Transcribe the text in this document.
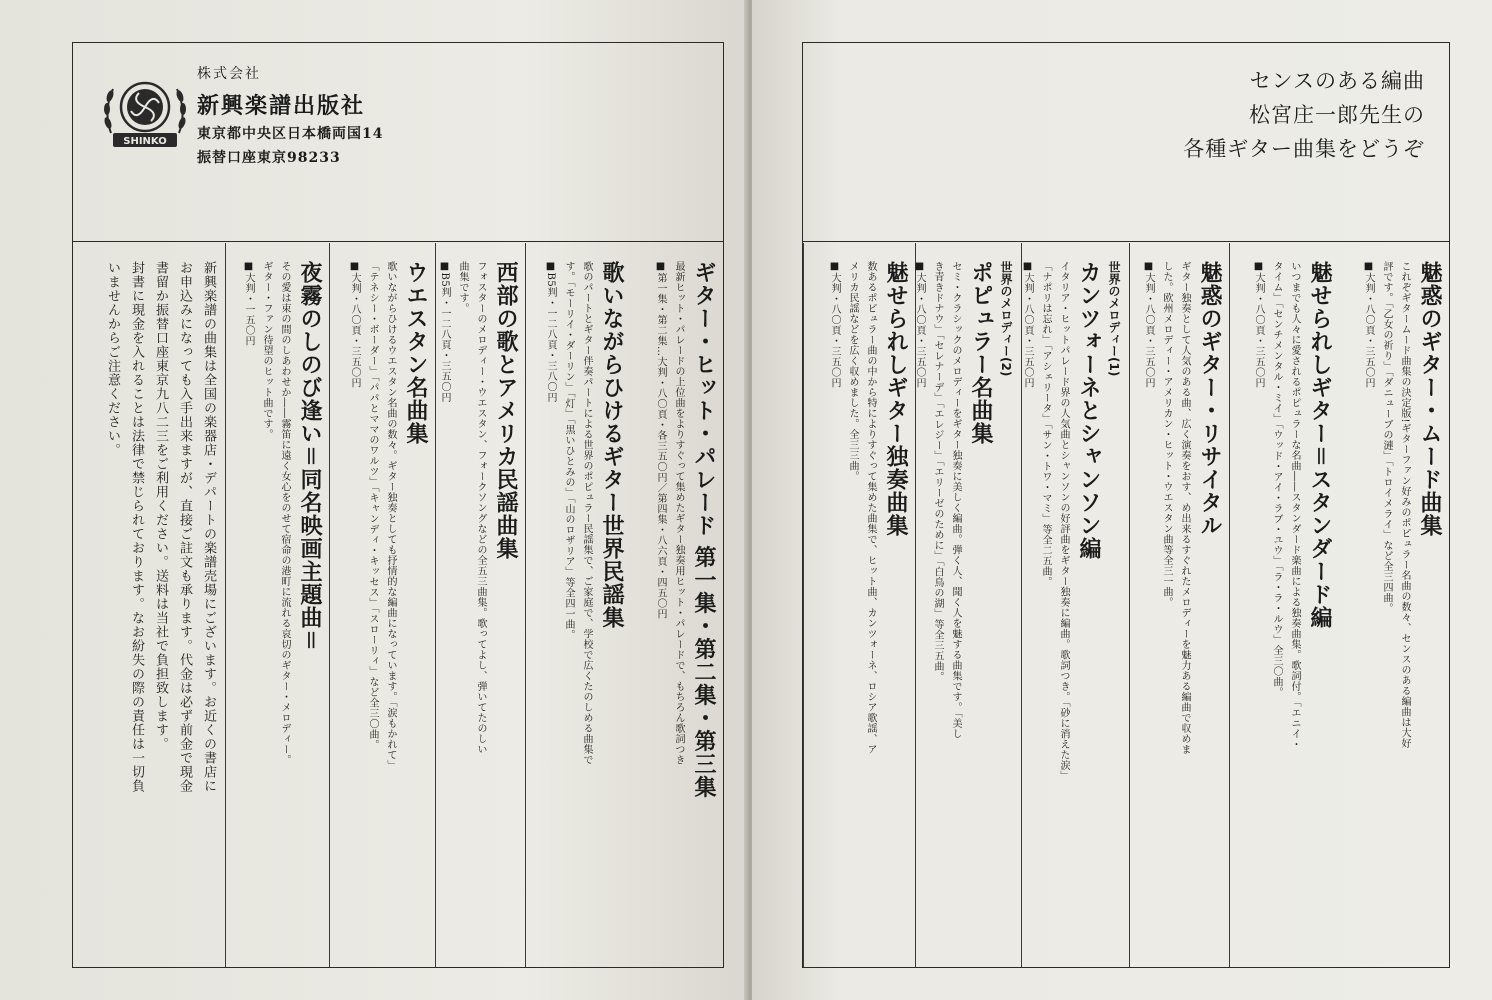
SHINKO
株式会社
新興楽譜出版社
東京都中央区日本橋両国14
振替口座東京98233
ギター・ヒット・パレード 第一集・第二集・第三集
最新ヒット・パレードの上位曲をよりすぐって集めたギター独奏用ヒット・パレードで、もちろん歌詞つき
■第一集・第二集…大判・八〇頁・各三五〇円／第四集・八六頁・四五〇円
歌いながらひけるギター世界民謡集
歌のパートとギター伴奏パートによる世界のポピュラー民謡集で、ご家庭で、学校で広くたのしめる曲集で
す。「モーリイ・ダーリン」「灯」「黒いひとみの」「山のロザリア」等全四一曲。
■B5判・一二八頁・三八〇円
西部の歌とアメリカ民謡曲集
フォスターのメロディー・ウエスタン、フォークソングなどの全五三曲集。歌ってよし、弾いてたのしい
曲集です。
■B5判・一二八頁・三五〇円
ウエスタン名曲集
歌いながらひけるウエスタン名曲の数々。ギター独奏としても抒情的な編曲になっています。「涙もかれて」
「テネシー・ボーダー」「パパとママのワルツ」「キャンディ・キッセス」「スローリィ」など全三〇曲。
■大判・八〇頁・三五〇円
夜霧のしのび逢い＝同名映画主題曲＝
その愛は束の間のしあわせか――霧笛に遠く女心をのせて宿命の港町に流れる哀切のギター・メロディー。
ギター・ファン待望のヒット曲です。
■大判・一五〇円
新興楽譜の曲集は全国の楽器店・デパートの楽譜売場にございます。お近くの書店に
お申込みになっても入手出来ますが、直接ご註文も承ります。代金は必ず前金で現金
書留か振替口座東京九八二三をご利用ください。送料は当社で負担致します。
封書に現金を入れることは法律で禁じられております。なお紛失の際の責任は一切負
いませんからご注意ください。
センスのある編曲
松宮庄一郎先生の
各種ギター曲集をどうぞ
魅惑のギター・ムード曲集
これぞギタームード曲集の決定版!ギターファン好みのポピュラー名曲の数々、センスのある編曲は大好
評です。「乙女の祈り」「ダニューブの漣」「トロイメライ」など全三四曲。
■大判・八〇頁・三五〇円
魅せられしギター＝スタンダード編
いつまでも人々に愛されるポピュラーな名曲――スタンダード楽曲による独奏曲集。歌詞付。「エニイ・
タイム」「センチメンタル・ミイ」「ウッド・アイ・ラブ・ユウ」「ラ・ラ・ルウ」全三〇曲。
■大判・八〇頁・三五〇円
魅惑のギター・リサイタル
ギター独奏として人気のある曲、広く演奏をおす、め出来るすぐれたメロディーを魅力ある編曲で収めま
した。欧州メロディー・アメリカン・ヒット・ウエスタン曲等全三一曲。
■大判・八〇頁・三五〇円
世界のメロディー(1)
カンツォーネとシャンソン編
イタリア・ヒットパレード界の人気曲とシャンソンの好評曲をギター独奏に編曲。歌詞つき。「砂に消えた涙」
「ナポリは忘れ」「アシェリータ」「サン・トワ・マミ」等全二五曲。
■大判・八〇頁・三五〇円
世界のメロディー(2)
ポピュラー名曲集
セミ・クラシックのメロディーをギター独奏に美しく編曲。弾く人、聞く人を魅する曲集です。「美し
き青きドナウ」「セレナーデ」「エレジー」「エリーゼのために」「白鳥の湖」等全三五曲。
■大判・八〇頁・三五〇円
魅せられしギター独奏曲集
数あるポピュラー曲の中から特によりすぐって集めた曲集で、ヒット曲、カンツォーネ、ロシア歌謡、ア
メリカ民謡などを広く収めました。全三三曲。
■大判・八〇頁・三五〇円
